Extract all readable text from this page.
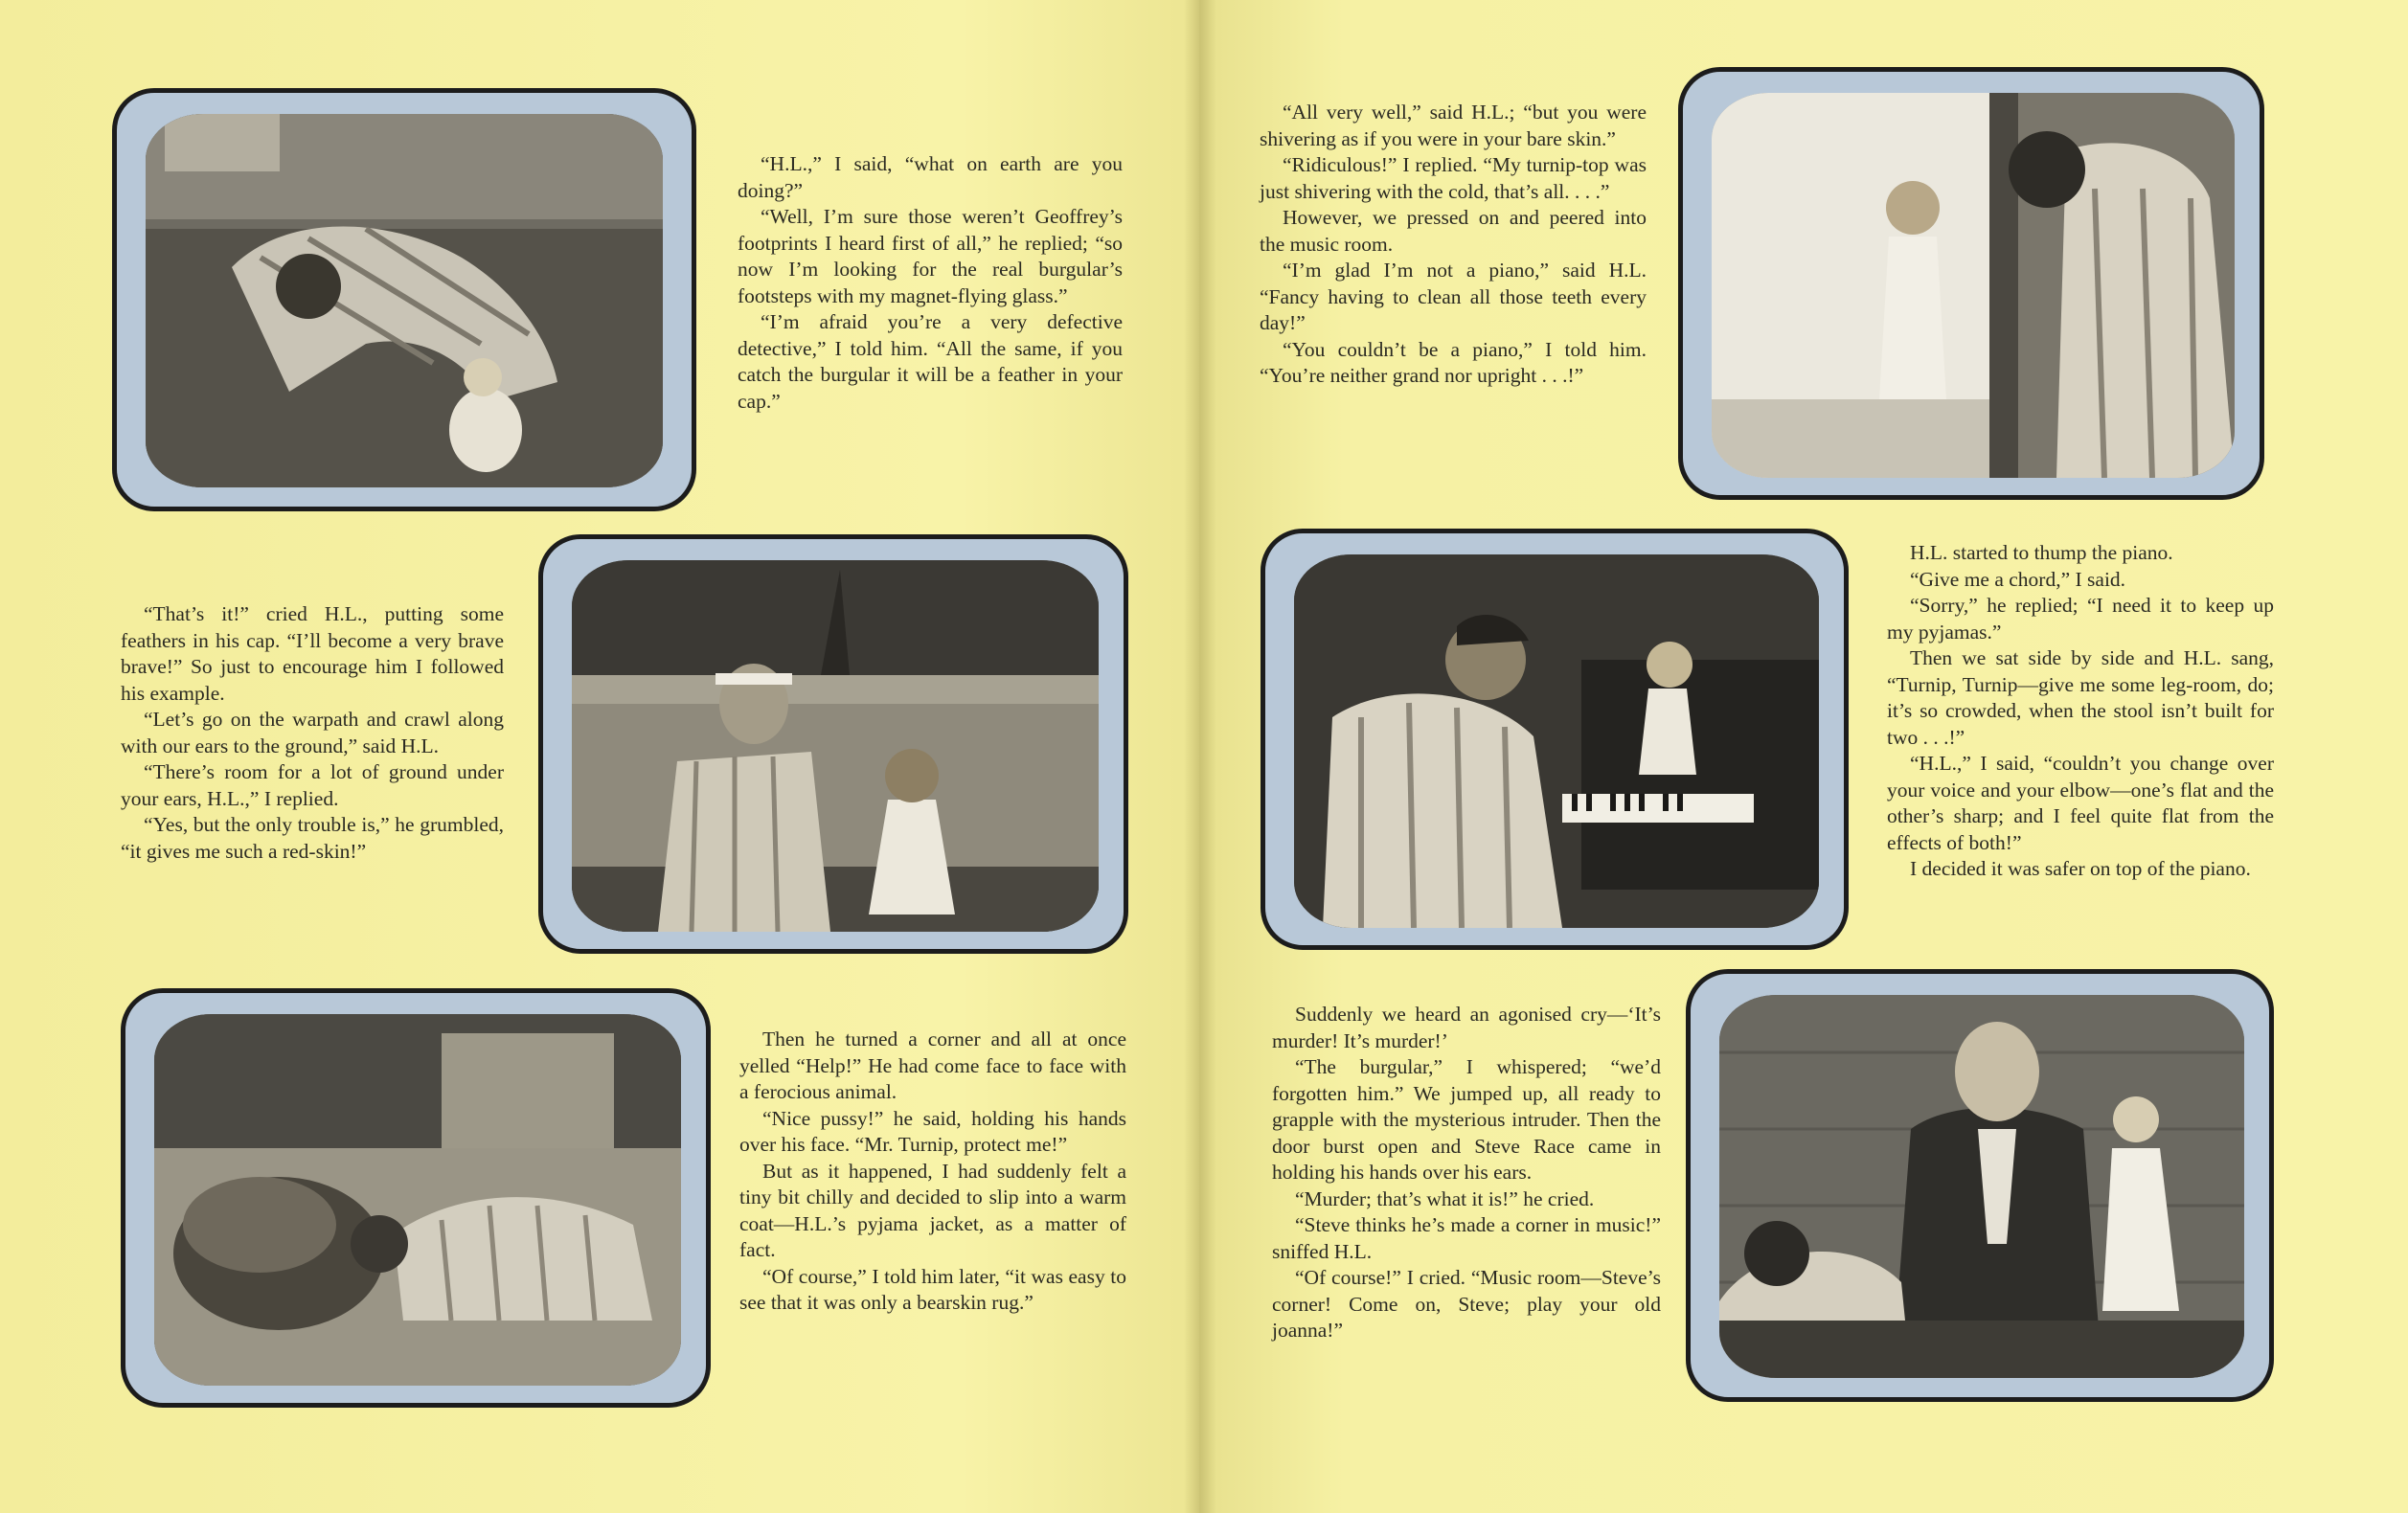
“H.L.,” I said, “what on earth are you doing?”

“Well, I’m sure those weren’t Geoffrey’s footprints I heard first of all,” he replied; “so now I’m looking for the real burgular’s footsteps with my magnet-flying glass.”

“I’m afraid you’re a very defective detective,” I told him. “All the same, if you catch the burgular it will be a feather in your cap.”

“That’s it!” cried H.L., putting some feathers in his cap. “I’ll become a very brave brave!” So just to encourage him I followed his example.

“Let’s go on the warpath and crawl along with our ears to the ground,” said H.L.

“There’s room for a lot of ground under your ears, H.L.,” I replied.

“Yes, but the only trouble is,” he grumbled, “it gives me such a red-skin!”

Then he turned a corner and all at once yelled “Help!” He had come face to face with a ferocious animal.

“Nice pussy!” he said, holding his hands over his face. “Mr. Turnip, protect me!”

But as it happened, I had suddenly felt a tiny bit chilly and decided to slip into a warm coat—H.L.’s pyjama jacket, as a matter of fact.

“Of course,” I told him later, “it was easy to see that it was only a bearskin rug.”

“All very well,” said H.L.; “but you were shivering as if you were in your bare skin.”

“Ridiculous!” I replied. “My turnip-top was just shivering with the cold, that’s all. . . .”

However, we pressed on and peered into the music room.

“I’m glad I’m not a piano,” said H.L. “Fancy having to clean all those teeth every day!”

“You couldn’t be a piano,” I told him. “You’re neither grand nor upright . . .!”

H.L. started to thump the piano.

“Give me a chord,” I said.

“Sorry,” he replied; “I need it to keep up my pyjamas.”

Then we sat side by side and H.L. sang, “Turnip, Turnip—give me some leg-room, do; it’s so crowded, when the stool isn’t built for two . . .!”

“H.L.,” I said, “couldn’t you change over your voice and your elbow—one’s flat and the other’s sharp; and I feel quite flat from the effects of both!”

I decided it was safer on top of the piano.

Suddenly we heard an agonised cry—‘It’s murder! It’s murder!’

“The burgular,” I whispered; “we’d forgotten him.” We jumped up, all ready to grapple with the mysterious intruder. Then the door burst open and Steve Race came in holding his hands over his ears.

“Murder; that’s what it is!” he cried.

“Steve thinks he’s made a corner in music!” sniffed H.L.

“Of course!” I cried. “Music room—Steve’s corner! Come on, Steve; play your old joanna!”
